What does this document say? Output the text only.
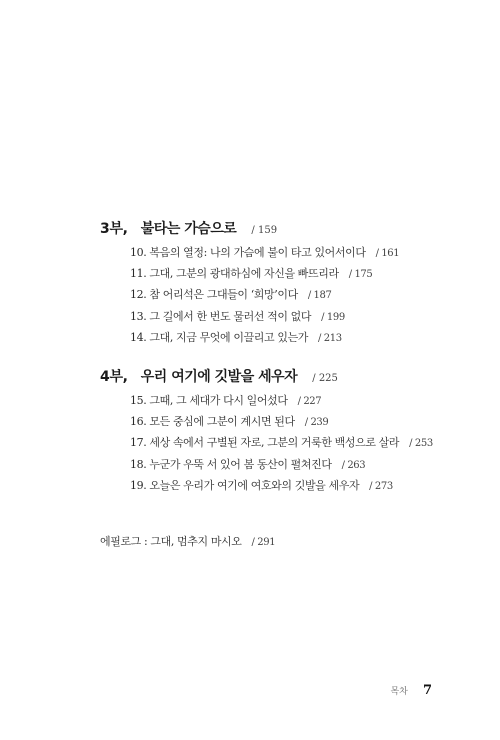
3부, 불타는 가슴으로 / 159
10. 복음의 열정: 나의 가슴에 불이 타고 있어서이다 / 161
11. 그대, 그분의 광대하심에 자신을 빠뜨리라 / 175
12. 참 어리석은 그대들이 ‘희망’이다 / 187
13. 그 길에서 한 번도 물러선 적이 없다 / 199
14. 그대, 지금 무엇에 이끌리고 있는가 / 213
4부, 우리 여기에 깃발을 세우자 / 225
15. 그때, 그 세대가 다시 일어섰다 / 227
16. 모든 중심에 그분이 계시면 된다 / 239
17. 세상 속에서 구별된 자로, 그분의 거룩한 백성으로 살라 / 253
18. 누군가 우뚝 서 있어 봄 동산이 펼쳐진다 / 263
19. 오늘은 우리가 여기에 여호와의 깃발을 세우자 / 273
에필로그 : 그대, 멈추지 마시오 / 291
목차 7
